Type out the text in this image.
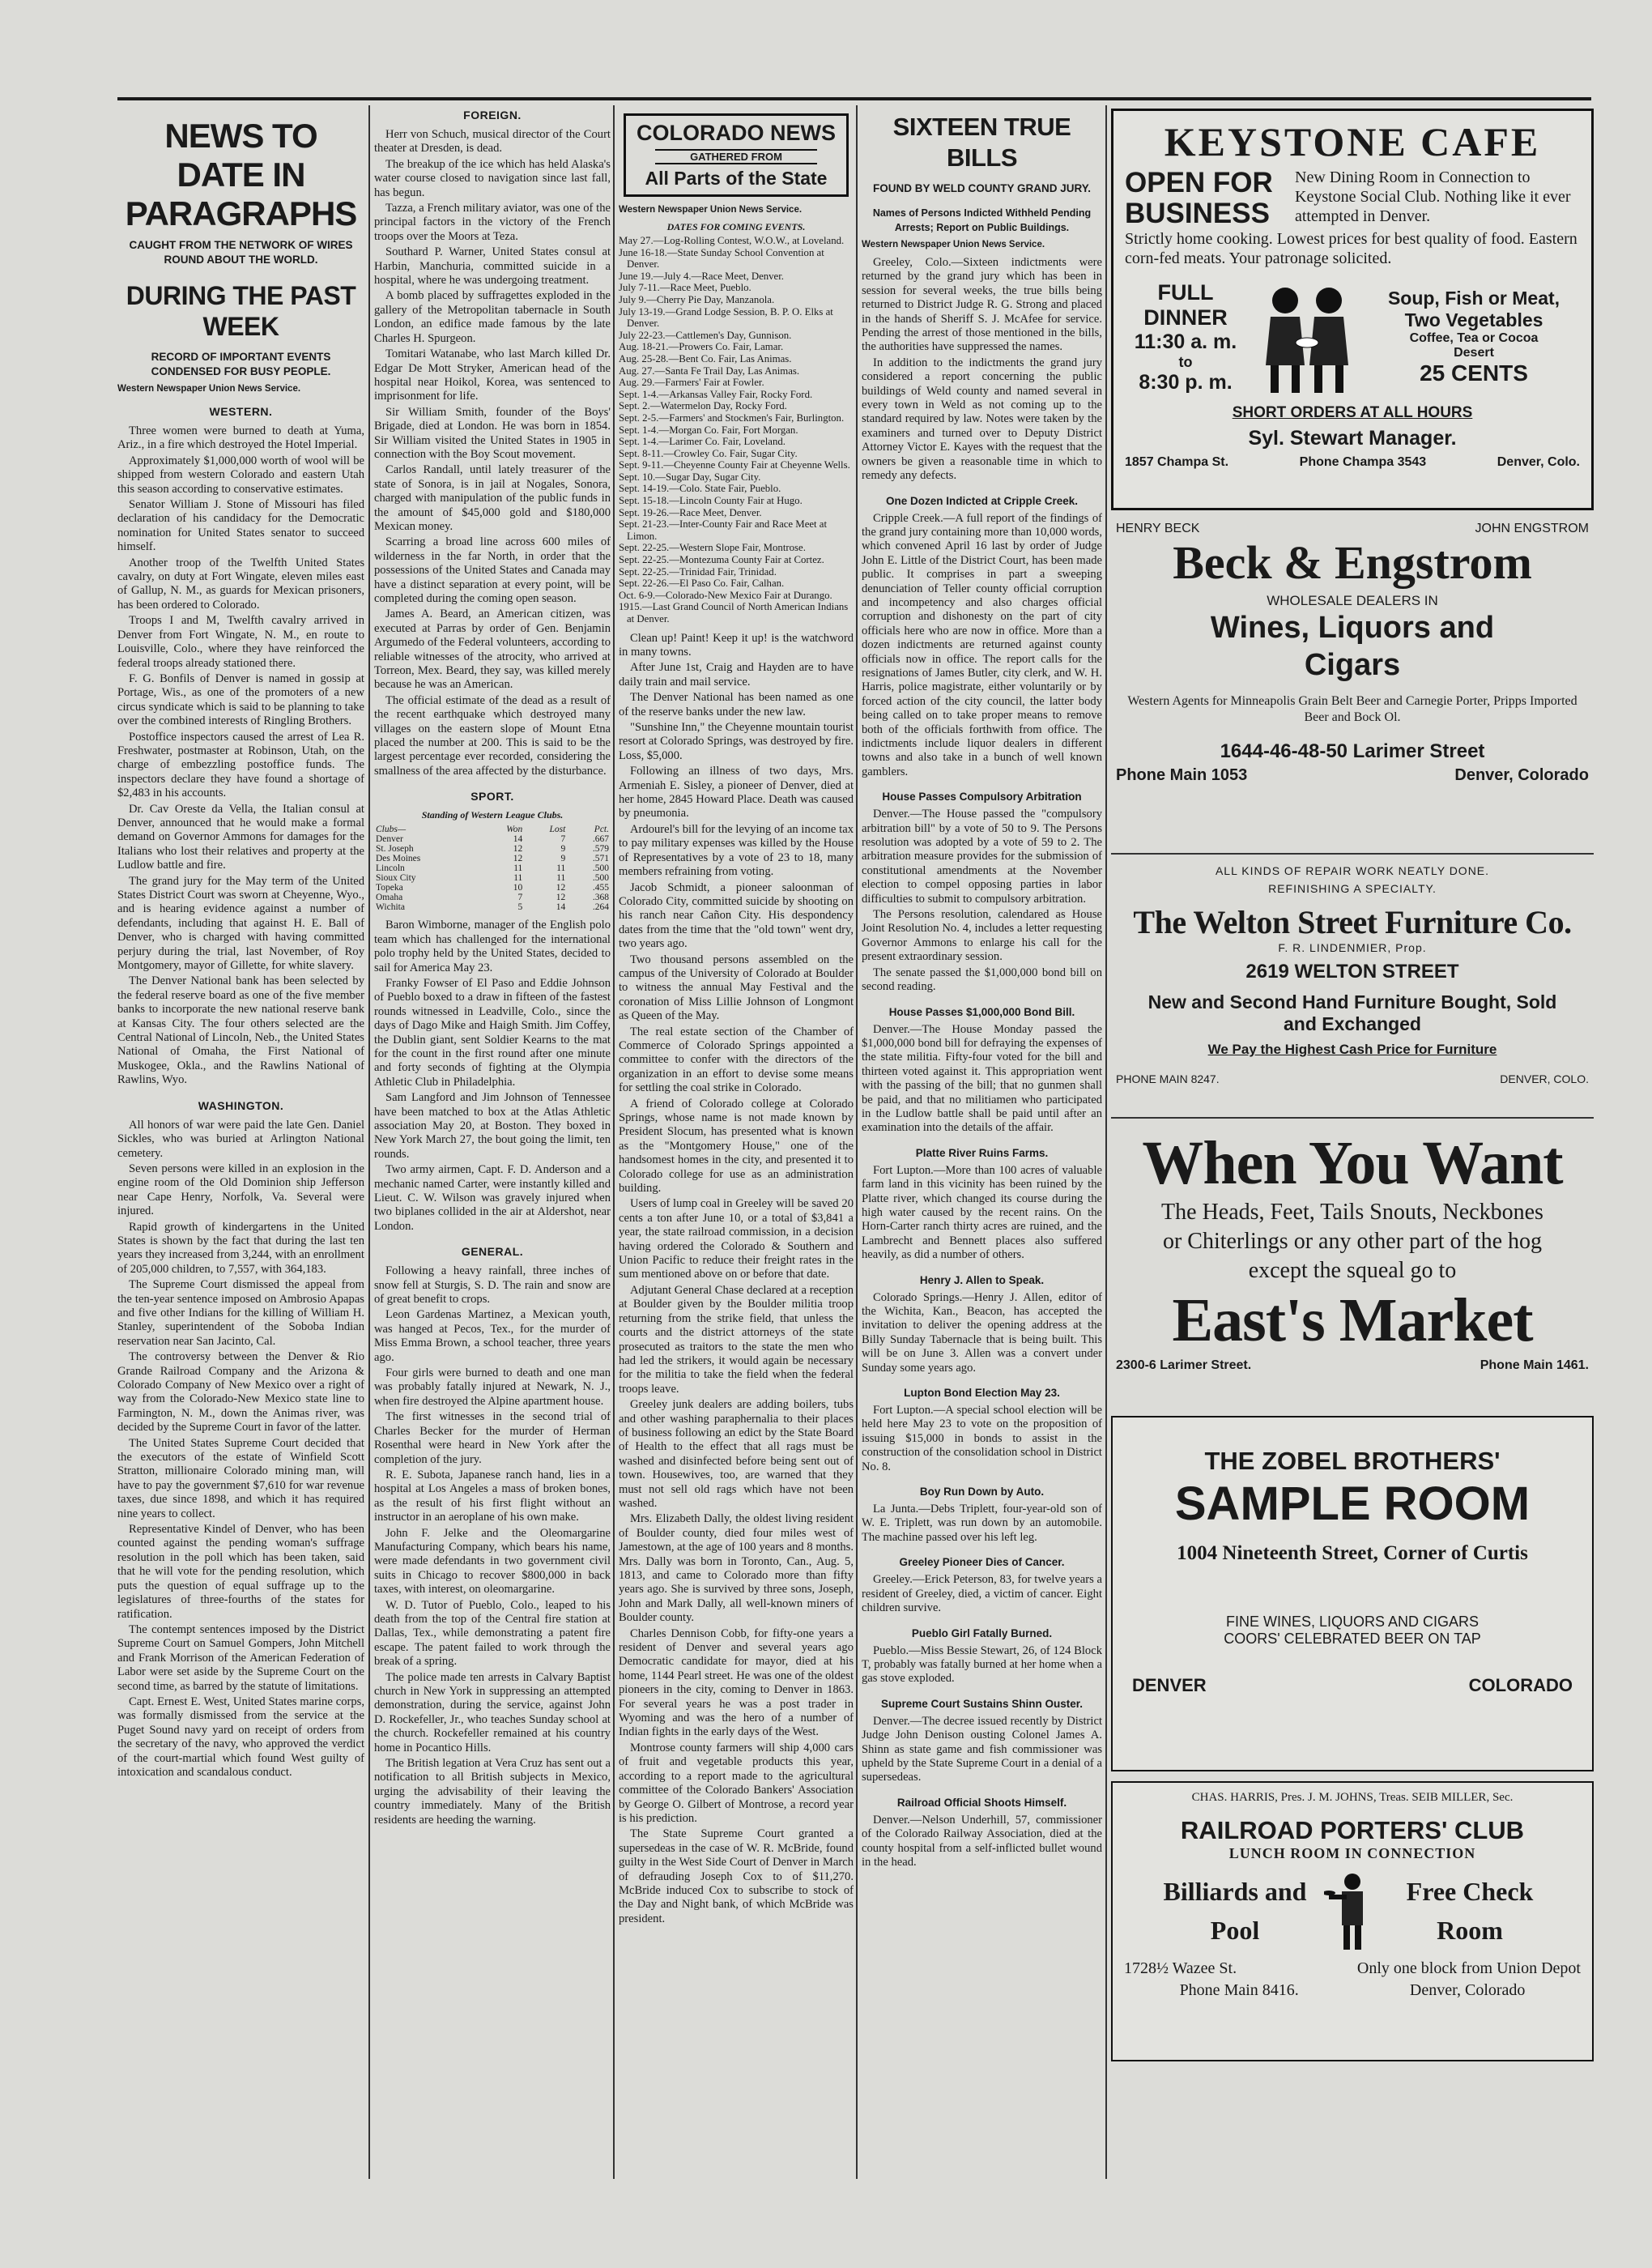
NEWS TO DATE IN PARAGRAPHS
CAUGHT FROM THE NETWORK OF WIRES ROUND ABOUT THE WORLD.
DURING THE PAST WEEK
RECORD OF IMPORTANT EVENTS CONDENSED FOR BUSY PEOPLE.
Western Newspaper Union News Service.
WESTERN.

Three women were burned to death at Yuma, Ariz., in a fire which destroyed the Hotel Imperial.

Approximately $1,000,000 worth of wool will be shipped from western Colorado and eastern Utah this season according to conservative estimates.

Senator William J. Stone of Missouri has filed declaration of his candidacy for the Democratic nomination for United States senator to succeed himself.

Another troop of the Twelfth United States cavalry, on duty at Fort Wingate, eleven miles east of Gallup, N. M., as guards for Mexican prisoners, has been ordered to Colorado.

Troops I and M, Twelfth cavalry arrived in Denver from Fort Wingate, N. M., en route to Louisville, Colo., where they have reinforced the federal troops already stationed there.

F. G. Bonfils of Denver is named in gossip at Portage, Wis., as one of the promoters of a new circus syndicate which is said to be planning to take over the combined interests of Ringling Brothers.

Postoffice inspectors caused the arrest of Lea R. Freshwater, postmaster at Robinson, Utah, on the charge of embezzling postoffice funds. The inspectors declare they have found a shortage of $2,483 in his accounts.

Dr. Cav Oreste da Vella, the Italian consul at Denver, announced that he would make a formal demand on Governor Ammons for damages for the Italians who lost their relatives and property at the Ludlow battle and fire.

The grand jury for the May term of the United States District Court was sworn at Cheyenne, Wyo., and is hearing evidence against a number of defendants, including that against H. E. Ball of Denver, who is charged with having committed perjury during the trial, last November, of Roy Montgomery, mayor of Gillette, for white slavery.

The Denver National bank has been selected by the federal reserve board as one of the five member banks to incorporate the new national reserve bank at Kansas City. The four others selected are the Central National of Lincoln, Neb., the United States National of Omaha, the First National of Muskogee, Okla., and the Rawlins National of Rawlins, Wyo.

WASHINGTON.

All honors of war were paid the late Gen. Daniel Sickles, who was buried at Arlington National cemetery.

Seven persons were killed in an explosion in the engine room of the Old Dominion ship Jefferson near Cape Henry, Norfolk, Va. Several were injured.

Rapid growth of kindergartens in the United States is shown by the fact that during the last ten years they increased from 3,244, with an enrollment of 205,000 children, to 7,557, with 364,183.

The Supreme Court dismissed the appeal from the ten-year sentence imposed on Ambrosio Apapas and five other Indians for the killing of William H. Stanley, superintendent of the Soboba Indian reservation near San Jacinto, Cal.

The controversy between the Denver & Rio Grande Railroad Company and the Arizona & Colorado Company of New Mexico over a right of way from the Colorado-New Mexico state line to Farmington, N. M., down the Animas river, was decided by the Supreme Court in favor of the latter.

The United States Supreme Court decided that the executors of the estate of Winfield Scott Stratton, millionaire Colorado mining man, will have to pay the government $7,610 for war revenue taxes, due since 1898, and which it has required nine years to collect.

Representative Kindel of Denver, who has been counted against the pending woman's suffrage resolution in the poll which has been taken, said that he will vote for the pending resolution, which puts the question of equal suffrage up to the legislatures of three-fourths of the states for ratification.

The contempt sentences imposed by the District Supreme Court on Samuel Gompers, John Mitchell and Frank Morrison of the American Federation of Labor were set aside by the Supreme Court on the second time, as barred by the statute of limitations.

Capt. Ernest E. West, United States marine corps, was formally dismissed from the service at the Puget Sound navy yard on receipt of orders from the secretary of the navy, who approved the verdict of the court-martial which found West guilty of intoxication and scandalous conduct.

FOREIGN.

Herr von Schuch, musical director of the Court theater at Dresden, is dead.

The breakup of the ice which has held Alaska's water course closed to navigation since last fall, has begun.

Tazza, a French military aviator, was one of the principal factors in the victory of the French troops over the Moors at Teza.

Southard P. Warner, United States consul at Harbin, Manchuria, committed suicide in a hospital, where he was undergoing treatment.

A bomb placed by suffragettes exploded in the gallery of the Metropolitan tabernacle in South London, an edifice made famous by the late Charles H. Spurgeon.

Tomitari Watanabe, who last March killed Dr. Edgar De Mott Stryker, American head of the hospital near Hoikol, Korea, was sentenced to imprisonment for life.

Sir William Smith, founder of the Boys' Brigade, died at London. He was born in 1854. Sir William visited the United States in 1905 in connection with the Boy Scout movement.

Carlos Randall, until lately treasurer of the state of Sonora, is in jail at Nogales, Sonora, charged with manipulation of the public funds in the amount of $45,000 gold and $180,000 Mexican money.

Scarring a broad line across 600 miles of wilderness in the far North, in order that the possessions of the United States and Canada may have a distinct separation at every point, will be completed during the coming open season.

James A. Beard, an American citizen, was executed at Parras by order of Gen. Benjamin Argumedo of the Federal volunteers, according to reliable witnesses of the atrocity, who arrived at Torreon, Mex. Beard, they say, was killed merely because he was an American.

The official estimate of the dead as a result of the recent earthquake which destroyed many villages on the eastern slope of Mount Etna placed the number at 200. This is said to be the largest percentage ever recorded, considering the smallness of the area affected by the disturbance.

SPORT.
Standing of Western League Clubs.
Clubs—	Won	Lost	Pct.
Denver	14	7	.667
St. Joseph	12	9	.579
Des Moines	12	9	.571
Lincoln	11	11	.500
Sioux City	11	11	.500
Topeka	10	12	.455
Omaha	7	12	.368
Wichita	5	14	.264

Baron Wimborne, manager of the English polo team which has challenged for the international polo trophy held by the United States, decided to sail for America May 23.

Franky Fowser of El Paso and Eddie Johnson of Pueblo boxed to a draw in fifteen of the fastest rounds witnessed in Leadville, Colo., since the days of Dago Mike and Haigh Smith. Jim Coffey, the Dublin giant, sent Soldier Kearns to the mat for the count in the first round after one minute and forty seconds of fighting at the Olympia Athletic Club in Philadelphia.

Sam Langford and Jim Johnson of Tennessee have been matched to box at the Atlas Athletic association May 20, at Boston. They boxed in New York March 27, the bout going the limit, ten rounds.

Two army airmen, Capt. F. D. Anderson and a mechanic named Carter, were instantly killed and Lieut. C. W. Wilson was gravely injured when two biplanes collided in the air at Aldershot, near London.

GENERAL.

Following a heavy rainfall, three inches of snow fell at Sturgis, S. D. The rain and snow are of great benefit to crops.

Leon Gardenas Martinez, a Mexican youth, was hanged at Pecos, Tex., for the murder of Miss Emma Brown, a school teacher, three years ago.

Four girls were burned to death and one man was probably fatally injured at Newark, N. J., when fire destroyed the Alpine apartment house.

The first witnesses in the second trial of Charles Becker for the murder of Herman Rosenthal were heard in New York after the completion of the jury.

R. E. Subota, Japanese ranch hand, lies in a hospital at Los Angeles a mass of broken bones, as the result of his first flight without an instructor in an aeroplane of his own make.

John F. Jelke and the Oleomargarine Manufacturing Company, which bears his name, were made defendants in two government civil suits in Chicago to recover $800,000 in back taxes, with interest, on oleomargarine.

W. D. Tutor of Pueblo, Colo., leaped to his death from the top of the Central fire station at Dallas, Tex., while demonstrating a patent fire escape. The patent failed to work through the break of a spring.

The police made ten arrests in Calvary Baptist church in New York in suppressing an attempted demonstration, during the service, against John D. Rockefeller, Jr., who teaches Sunday school at the church. Rockefeller remained at his country home in Pocantico Hills.

The British legation at Vera Cruz has sent out a notification to all British subjects in Mexico, urging the advisability of their leaving the country immediately. Many of the British residents are heeding the warning.

COLORADO NEWS
GATHERED FROM
All Parts of the State
Western Newspaper Union News Service.
DATES FOR COMING EVENTS.
May 27.—Log-Rolling Contest, W.O.W., at Loveland.
June 16-18.—State Sunday School Convention at Denver.
June 19.—July 4.—Race Meet, Denver.
July 7-11.—Race Meet, Pueblo.
July 9.—Cherry Pie Day, Manzanola.
July 13-19.—Grand Lodge Session, B. P. O. Elks at Denver.
July 22-23.—Cattlemen's Day, Gunnison.
Aug. 18-21.—Prowers Co. Fair, Lamar.
Aug. 25-28.—Bent Co. Fair, Las Animas.
Aug. 27.—Santa Fe Trail Day, Las Animas.
Aug. 29.—Farmers' Fair at Fowler.
Sept. 1-4.—Arkansas Valley Fair, Rocky Ford.
Sept. 2.—Watermelon Day, Rocky Ford.
Sept. 2-5.—Farmers' and Stockmen's Fair, Burlington.
Sept. 1-4.—Morgan Co. Fair, Fort Morgan.
Sept. 1-4.—Larimer Co. Fair, Loveland.
Sept. 8-11.—Crowley Co. Fair, Sugar City.
Sept. 9-11.—Cheyenne County Fair at Cheyenne Wells.
Sept. 10.—Sugar Day, Sugar City.
Sept. 14-19.—Colo. State Fair, Pueblo.
Sept. 15-18.—Lincoln County Fair at Hugo.
Sept. 19-26.—Race Meet, Denver.
Sept. 21-23.—Inter-County Fair and Race Meet at Limon.
Sept. 22-25.—Western Slope Fair, Montrose.
Sept. 22-25.—Montezuma County Fair at Cortez.
Sept. 22-25.—Trinidad Fair, Trinidad.
Sept. 22-26.—El Paso Co. Fair, Calhan.
Oct. 6-9.—Colorado-New Mexico Fair at Durango.
1915.—Last Grand Council of North American Indians at Denver.

Clean up! Paint! Keep it up! is the watchword in many towns.

After June 1st, Craig and Hayden are to have daily train and mail service.

The Denver National has been named as one of the reserve banks under the new law.

"Sunshine Inn," the Cheyenne mountain tourist resort at Colorado Springs, was destroyed by fire. Loss, $5,000.

Following an illness of two days, Mrs. Armeniah E. Sisley, a pioneer of Denver, died at her home, 2845 Howard Place. Death was caused by pneumonia.

Ardourel's bill for the levying of an income tax to pay military expenses was killed by the House of Representatives by a vote of 23 to 18, many members refraining from voting.

Jacob Schmidt, a pioneer saloonman of Colorado City, committed suicide by shooting on his ranch near Cañon City. His despondency dates from the time that the "old town" went dry, two years ago.

Two thousand persons assembled on the campus of the University of Colorado at Boulder to witness the annual May Festival and the coronation of Miss Lillie Johnson of Longmont as Queen of the May.

The real estate section of the Chamber of Commerce of Colorado Springs appointed a committee to confer with the directors of the organization in an effort to devise some means for settling the coal strike in Colorado.

A friend of Colorado college at Colorado Springs, whose name is not made known by President Slocum, has presented what is known as the "Montgomery House," one of the handsomest homes in the city, and presented it to Colorado college for use as an administration building.

Users of lump coal in Greeley will be saved 20 cents a ton after June 10, or a total of $3,841 a year, the state railroad commission, in a decision having ordered the Colorado & Southern and Union Pacific to reduce their freight rates in the sum mentioned above on or before that date.

Adjutant General Chase declared at a reception at Boulder given by the Boulder militia troop returning from the strike field, that unless the courts and the district attorneys of the state prosecuted as traitors to the state the men who had led the strikers, it would again be necessary for the militia to take the field when the federal troops leave.

Greeley junk dealers are adding boilers, tubs and other washing paraphernalia to their places of business following an edict by the State Board of Health to the effect that all rags must be washed and disinfected before being sent out of town. Housewives, too, are warned that they must not sell old rags which have not been washed.

Mrs. Elizabeth Dally, the oldest living resident of Boulder county, died four miles west of Jamestown, at the age of 100 years and 8 months. Mrs. Dally was born in Toronto, Can., Aug. 5, 1813, and came to Colorado more than fifty years ago. She is survived by three sons, Joseph, John and Mark Dally, all well-known miners of Boulder county.

Charles Dennison Cobb, for fifty-one years a resident of Denver and several years ago Democratic candidate for mayor, died at his home, 1144 Pearl street. He was one of the oldest pioneers in the city, coming to Denver in 1863. For several years he was a post trader in Wyoming and was the hero of a number of Indian fights in the early days of the West.

Montrose county farmers will ship 4,000 cars of fruit and vegetable products this year, according to a report made to the agricultural committee of the Colorado Bankers' Association by George O. Gilbert of Montrose, a record year is his prediction.

The State Supreme Court granted a supersedeas in the case of W. R. McBride, found guilty in the West Side Court of Denver in March of defrauding Joseph Cox to of $11,270. McBride induced Cox to subscribe to stock of the Day and Night bank, of which McBride was president.

SIXTEEN TRUE BILLS
FOUND BY WELD COUNTY GRAND JURY.
Names of Persons Indicted Withheld Pending Arrests; Report on Public Buildings.
Western Newspaper Union News Service.

Greeley, Colo.—Sixteen indictments were returned by the grand jury which has been in session for several weeks, the true bills being returned to District Judge R. G. Strong and placed in the hands of Sheriff S. J. McAfee for service. Pending the arrest of those mentioned in the bills, the authorities have suppressed the names.

In addition to the indictments the grand jury considered a report concerning the public buildings of Weld county and named several in every town in Weld as not coming up to the standard required by law. Notes were taken by the examiners and turned over to Deputy District Attorney Victor E. Kayes with the request that the owners be given a reasonable time in which to remedy any defects.

One Dozen Indicted at Cripple Creek.

Cripple Creek.—A full report of the findings of the grand jury containing more than 10,000 words, which convened April 16 last by order of Judge John E. Little of the District Court, has been made public. It comprises in part a sweeping denunciation of Teller county official corruption and incompetency and also charges official corruption and dishonesty on the part of city officials here who are now in office. More than a dozen indictments are returned against county officials now in office. The report calls for the resignations of James Butler, city clerk, and W. H. Harris, police magistrate, either voluntarily or by forced action of the city council, the latter body being called on to take proper means to remove both of the officials forthwith from office. The indictments include liquor dealers in different towns and also take in a bunch of well known gamblers.

House Passes Compulsory Arbitration

Denver.—The House passed the "compulsory arbitration bill" by a vote of 50 to 9. The Persons resolution was adopted by a vote of 59 to 2. The arbitration measure provides for the submission of constitutional amendments at the November election to compel opposing parties in labor difficulties to submit to compulsory arbitration.

The Persons resolution, calendared as House Joint Resolution No. 4, includes a letter requesting Governor Ammons to enlarge his call for the present extraordinary session.

The senate passed the $1,000,000 bond bill on second reading.

House Passes $1,000,000 Bond Bill.

Denver.—The House Monday passed the $1,000,000 bond bill for defraying the expenses of the state militia. Fifty-four voted for the bill and thirteen voted against it. This appropriation went with the passing of the bill; that no gunmen shall be paid, and that no militiamen who participated in the Ludlow battle shall be paid until after an examination into the details of the affair.

Platte River Ruins Farms.

Fort Lupton.—More than 100 acres of valuable farm land in this vicinity has been ruined by the Platte river, which changed its course during the high water caused by the recent rains. On the Horn-Carter ranch thirty acres are ruined, and the Lambrecht and Bennett places also suffered heavily, as did a number of others.

Henry J. Allen to Speak.

Colorado Springs.—Henry J. Allen, editor of the Wichita, Kan., Beacon, has accepted the invitation to deliver the opening address at the Billy Sunday Tabernacle that is being built. This will be on June 3. Allen was a convert under Sunday some years ago.

Lupton Bond Election May 23.

Fort Lupton.—A special school election will be held here May 23 to vote on the proposition of issuing $15,000 in bonds to assist in the construction of the consolidation school in District No. 8.

Boy Run Down by Auto.

La Junta.—Debs Triplett, four-year-old son of W. E. Triplett, was run down by an automobile. The machine passed over his left leg.

Greeley Pioneer Dies of Cancer.

Greeley.—Erick Peterson, 83, for twelve years a resident of Greeley, died, a victim of cancer. Eight children survive.

Pueblo Girl Fatally Burned.

Pueblo.—Miss Bessie Stewart, 26, of 124 Block T, probably was fatally burned at her home when a gas stove exploded.

Supreme Court Sustains Shinn Ouster.

Denver.—The decree issued recently by District Judge John Denison ousting Colonel James A. Shinn as state game and fish commissioner was upheld by the State Supreme Court in a denial of a supersedeas.

Railroad Official Shoots Himself.

Denver.—Nelson Underhill, 57, commissioner of the Colorado Railway Association, died at the county hospital from a self-inflicted bullet wound in the head.

KEYSTONE CAFE
OPEN FOR
BUSINESS
New Dining Room in Connection to Keystone Social Club. Nothing like it ever attempted in Denver.
Strictly home cooking. Lowest prices for best quality of food. Eastern corn-fed meats. Your patronage solicited.
FULL
DINNER
11:30 a. m.
to
8:30 p. m.
Soup, Fish or Meat, Two Vegetables
Coffee, Tea or Cocoa
Desert
25 CENTS
SHORT ORDERS AT ALL HOURS
Syl. Stewart Manager.
1857 Champa St.	Phone Champa 3543	Denver, Colo.
HENRY BECK	JOHN ENGSTROM
Beck & Engstrom
WHOLESALE DEALERS IN
Wines, Liquors and
Cigars
Western Agents for Minneapolis Grain Belt Beer and Carnegie Porter, Pripps Imported Beer and Bock Ol.
1644-46-48-50 Larimer Street
Phone Main 1053	Denver, Colorado
ALL KINDS OF REPAIR WORK NEATLY DONE.
REFINISHING A SPECIALTY.
The Welton Street Furniture Co.
F. R. LINDENMIER, Prop.
2619 WELTON STREET
New and Second Hand Furniture Bought, Sold
and Exchanged
We Pay the Highest Cash Price for Furniture
PHONE MAIN 8247.	DENVER, COLO.
When You Want
The Heads, Feet, Tails Snouts, Neckbones
or Chiterlings or any other part of the hog
except the squeal go to
East's Market
2300-6 Larimer Street.	Phone Main 1461.
THE ZOBEL BROTHERS'
SAMPLE ROOM
1004 Nineteenth Street, Corner of Curtis
FINE WINES, LIQUORS AND CIGARS
COORS' CELEBRATED BEER ON TAP
DENVER	COLORADO
CHAS. HARRIS, Pres. J. M. JOHNS, Treas. SEIB MILLER, Sec.
RAILROAD PORTERS' CLUB
LUNCH ROOM IN CONNECTION
Billiards and
Pool
Free Check
Room
1728½ Wazee St.	Only one block from Union Depot
Phone Main 8416.	Denver, Colorado
